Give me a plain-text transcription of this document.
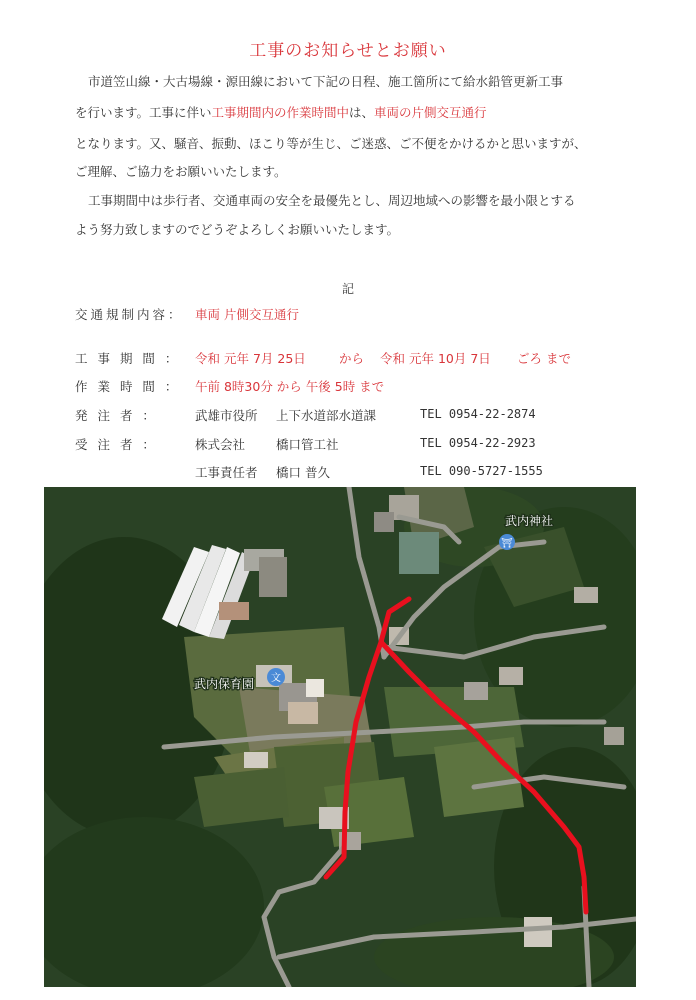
工事のお知らせとお願い
市道笠山線・大古場線・源田線において下記の日程、施工箇所にて給水鉛管更新工事
を行います。工事に伴い工事期間内の作業時間中は、車両の片側交互通行
となります。又、騒音、振動、ほこり等が生じ、ご迷惑、ご不便をかけるかと思いますが、
ご理解、ご協力をお願いいたします。
工事期間中は歩行者、交通車両の安全を最優先とし、周辺地域への影響を最小限とする
よう努力致しますのでどうぞよろしくお願いいたします。
記
交通規制内容： 車両 片側交互通行
工 事 期 間 ： 令和 元年 7月 25日	から 令和 元年 10月 7日 ごろ まで
作 業 時 間 ： 午前 8時30分 から 午後 5時 まで
発 注 者 ：	武雄市役所 上下水道部水道課	TEL 0954-22-2874
受 注 者 ：	株式会社 橋口管工社	TEL 0954-22-2923
工事責任者 橋口 普久	TEL 090-5727-1555
武内神社
⛩
武内保育園 文
